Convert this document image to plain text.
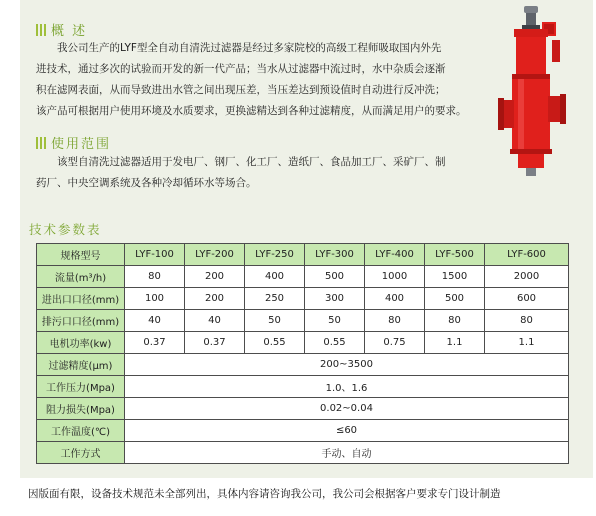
概 述

我公司生产的LYF型全自动自清洗过滤器是经过多家院校的高级工程师吸取国内外先

进技术，通过多次的试验而开发的新一代产品；当水从过滤器中流过时，水中杂质会逐渐

积在滤网表面，从而导致进出水管之间出现压差，当压差达到预设值时自动进行反冲洗；

该产品可根据用户使用环境及水质要求，更换滤精达到各种过滤精度，从而满足用户的要求。

使用范围

该型自清洗过滤器适用于发电厂、钢厂、化工厂、造纸厂、食品加工厂、采矿厂、制

药厂、中央空调系统及各种冷却循环水等场合。

技术参数表
规格型号	LYF-100	LYF-200	LYF-250	LYF-300	LYF-400	LYF-500	LYF-600
流量(m³/h)	80	200	400	500	1000	1500	2000
进出口口径(mm)	100	200	250	300	400	500	600
排污口口径(mm)	40	40	50	50	80	80	80
电机功率(kw)	0.37	0.37	0.55	0.55	0.75	1.1	1.1
过滤精度(μm)	200~3500						
工作压力(Mpa)	1.0、1.6						
阻力损失(Mpa)	0.02~0.04						
工作温度(℃)	≤60						
工作方式	手动、自动						
因版面有限，设备技术规范未全部列出，具体内容请咨询我公司，我公司会根据客户要求专门设计制造
